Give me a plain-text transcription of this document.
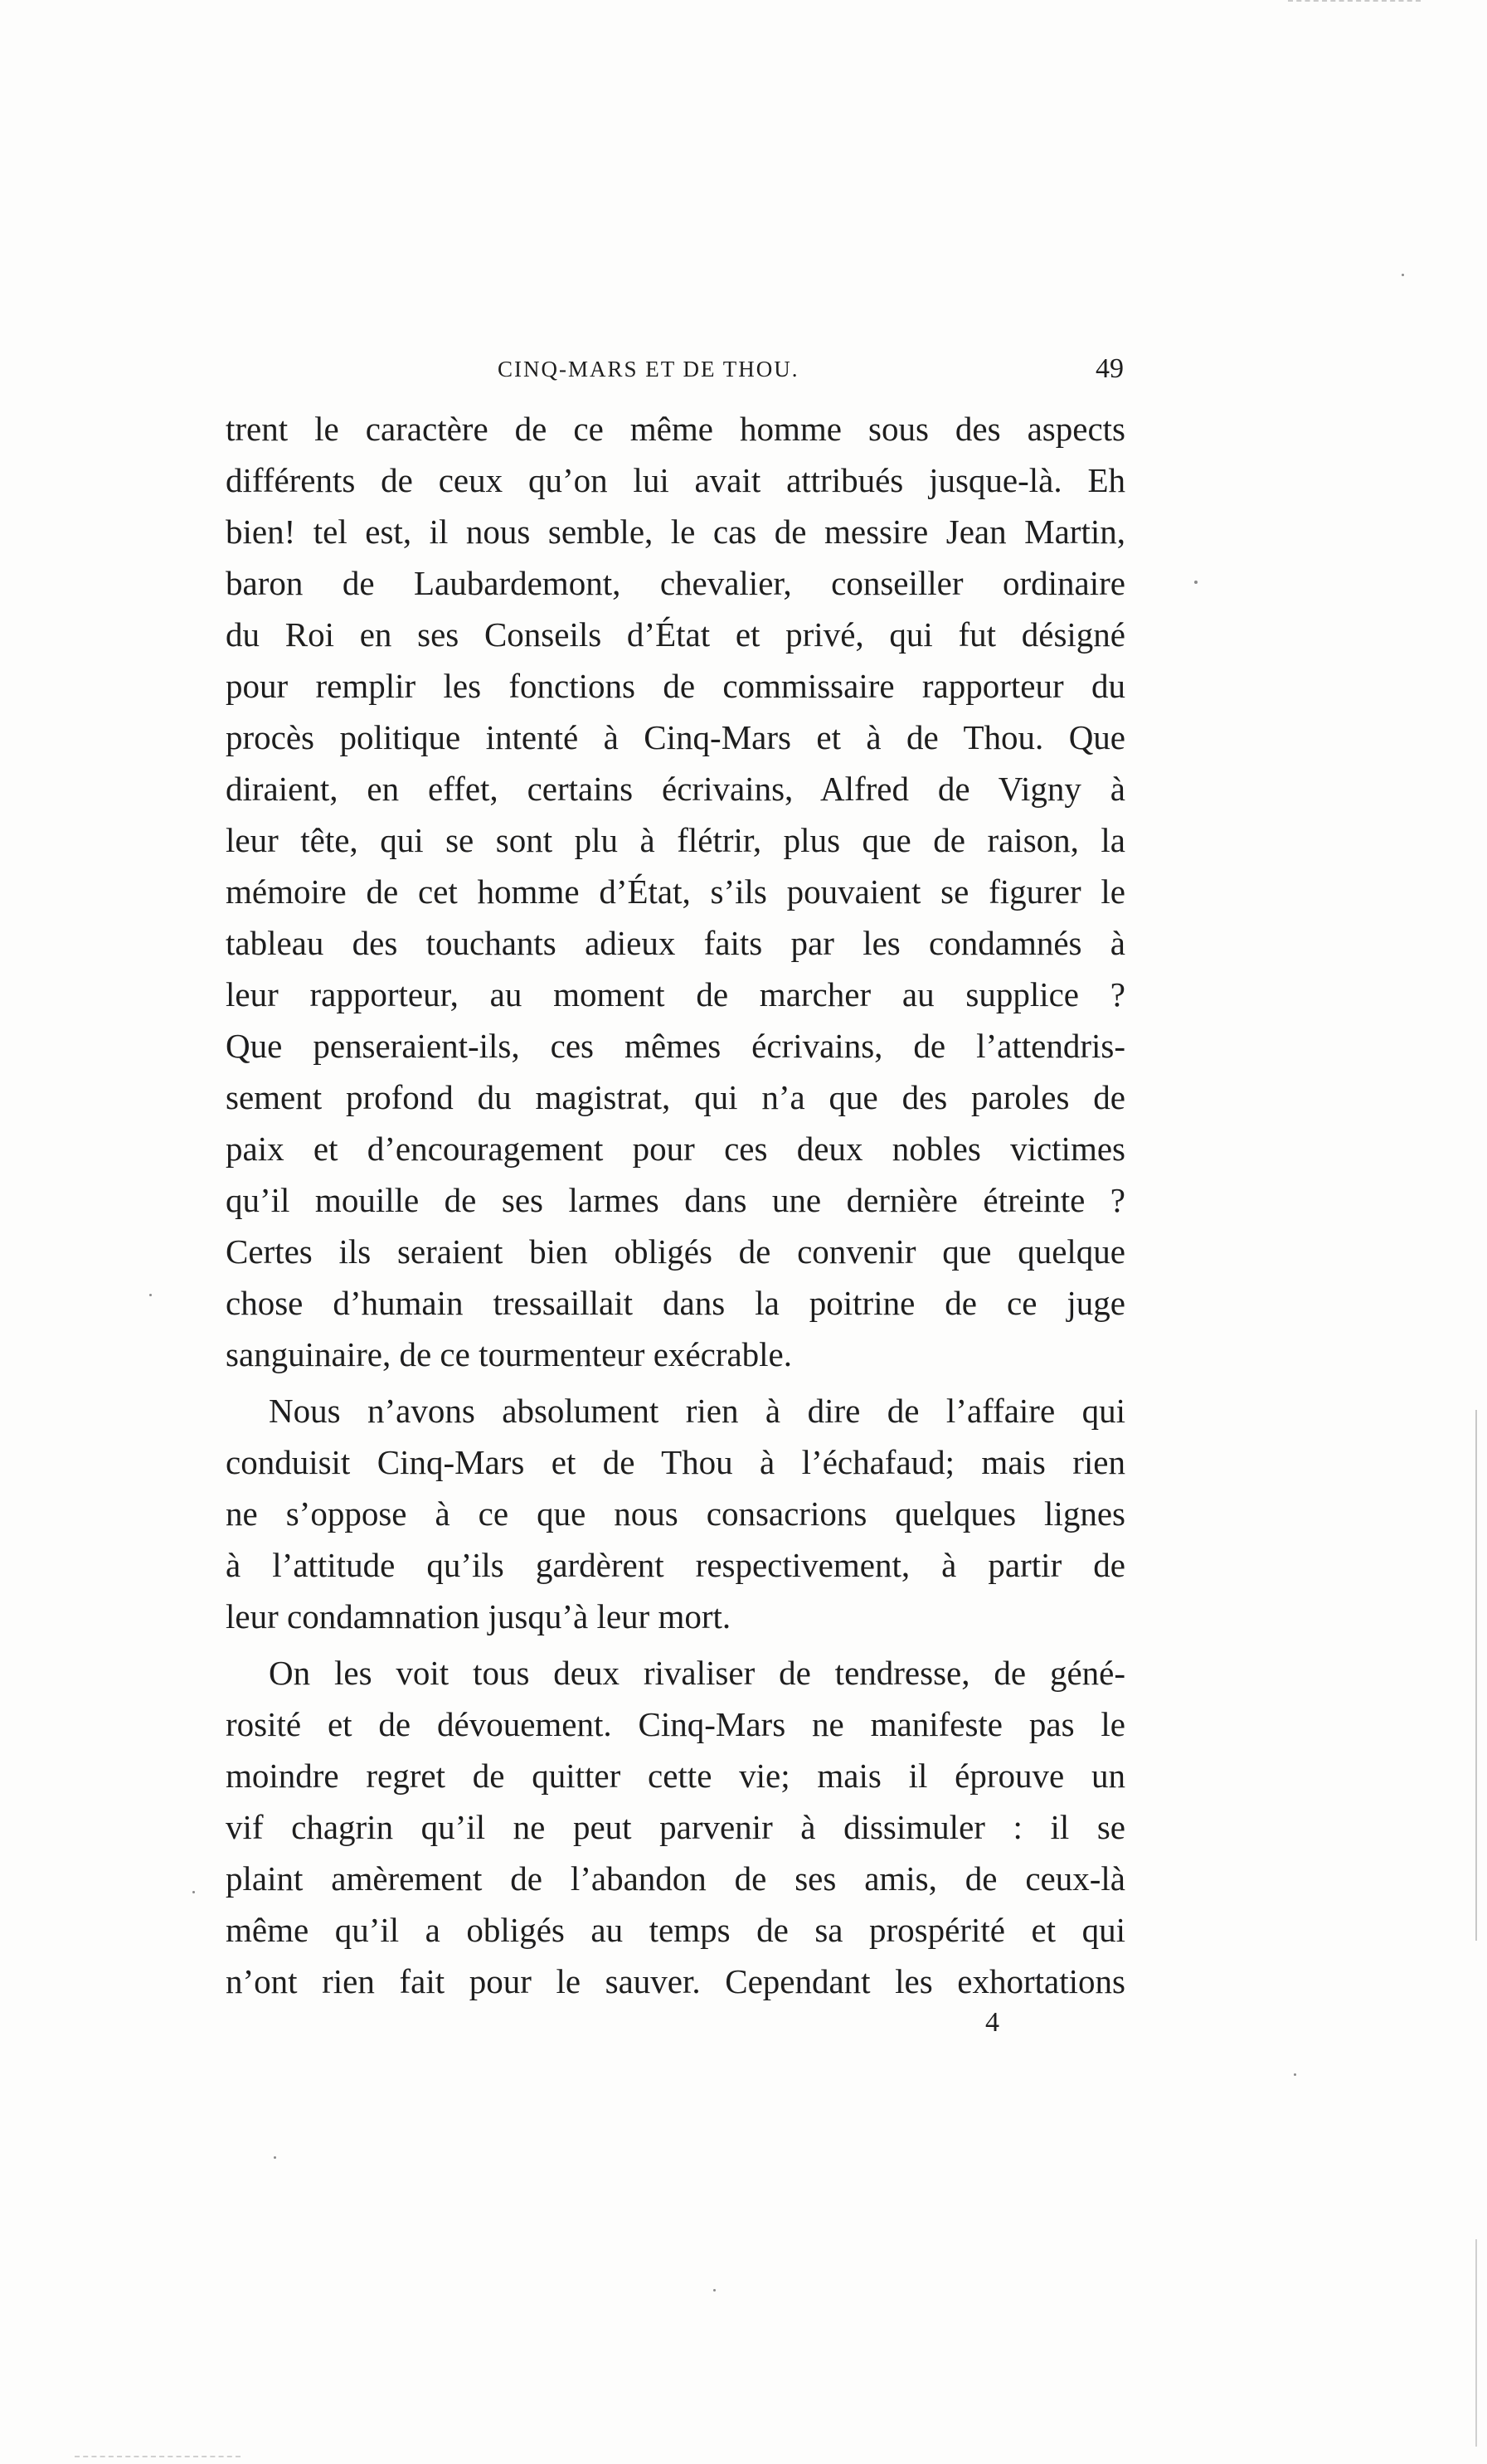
CINQ-MARS ET DE THOU.	49
trent le caractère de ce même homme sous des aspects
différents de ceux qu’on lui avait attribués jusque-là. Eh
bien! tel est, il nous semble, le cas de messire Jean Martin,
baron de Laubardemont, chevalier, conseiller ordinaire
du Roi en ses Conseils d’État et privé, qui fut désigné
pour remplir les fonctions de commissaire rapporteur du
procès politique intenté à Cinq-Mars et à de Thou. Que
diraient, en effet, certains écrivains, Alfred de Vigny à
leur tête, qui se sont plu à flétrir, plus que de raison, la
mémoire de cet homme d’État, s’ils pouvaient se figurer le
tableau des touchants adieux faits par les condamnés à
leur rapporteur, au moment de marcher au supplice ?
Que penseraient-ils, ces mêmes écrivains, de l’attendris-
sement profond du magistrat, qui n’a que des paroles de
paix et d’encouragement pour ces deux nobles victimes
qu’il mouille de ses larmes dans une dernière étreinte ?
Certes ils seraient bien obligés de convenir que quelque
chose d’humain tressaillait dans la poitrine de ce juge
sanguinaire, de ce tourmenteur exécrable.
Nous n’avons absolument rien à dire de l’affaire qui
conduisit Cinq-Mars et de Thou à l’échafaud; mais rien
ne s’oppose à ce que nous consacrions quelques lignes
à l’attitude qu’ils gardèrent respectivement, à partir de
leur condamnation jusqu’à leur mort.
On les voit tous deux rivaliser de tendresse, de géné-
rosité et de dévouement. Cinq-Mars ne manifeste pas le
moindre regret de quitter cette vie; mais il éprouve un
vif chagrin qu’il ne peut parvenir à dissimuler : il se
plaint amèrement de l’abandon de ses amis, de ceux-là
même qu’il a obligés au temps de sa prospérité et qui
n’ont rien fait pour le sauver. Cependant les exhortations
4
